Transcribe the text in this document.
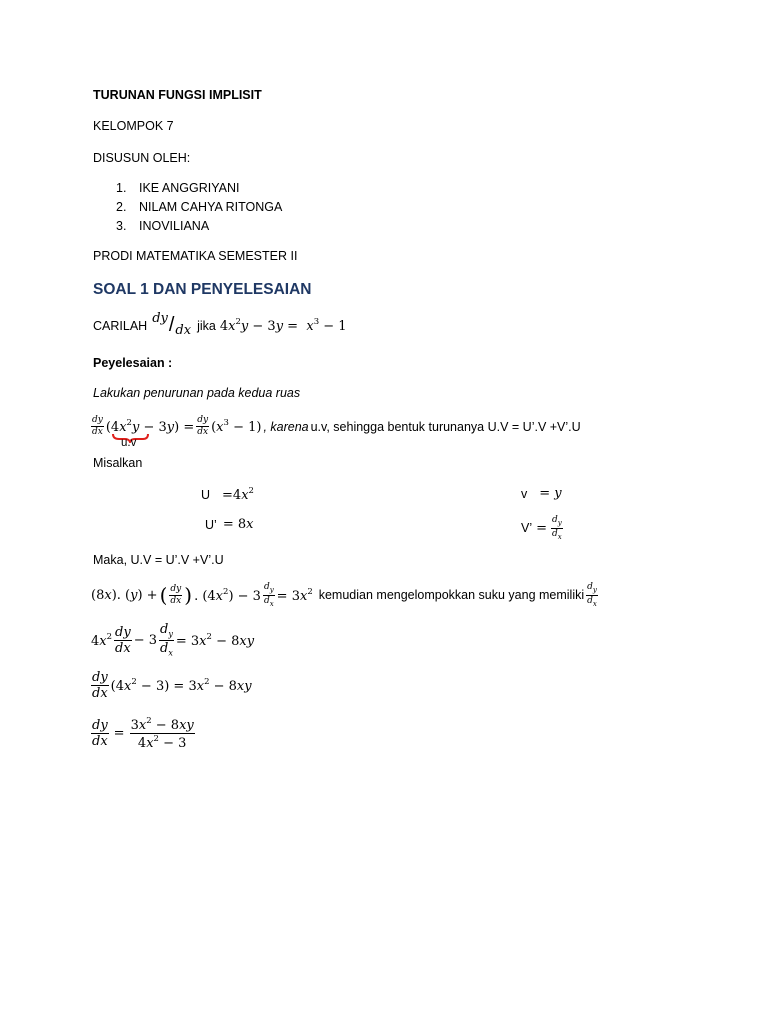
TURUNAN FUNGSI IMPLISIT
KELOMPOK 7
DISUSUN OLEH:
1. IKE ANGGRIYANI
2. NILAM CAHYA RITONGA
3. INOVILIANA
PRODI MATEMATIKA SEMESTER II
SOAL 1 DAN PENYELESAIAN
CARILAH dy / dx jika $4x^2y - 3y = x^3 - 1$
Peyelesaian :
Lakukan penurunan pada kedua ruas
$\frac{dy}{dx} (4x^2y - 3y) = \frac{dy}{dx} (x^3 - 1)$ , karena u.v, sehingga bentuk turunanya U.V = U’.V +V’.U
u.v
Misalkan
$U =4x^2$	v = y
U’ = 8x	V’ = $\frac{d_y}{d_x}$
Maka, U.V = U’.V +V’.U
(8x). (y) + ( $\frac{dy}{dx}$ ) . $(4x^2) - 3 \frac{d_y}{d_x} = 3x^2$ kemudian mengelompokkan suku yang memiliki $\frac{d_y}{d_x}$
$4x^2 \frac{dy}{dx} - 3 \frac{d_y}{d_x} = 3x^2 - 8xy$
$\frac{dy}{dx} (4x^2 - 3) = 3x^2 - 8xy$
$\frac{dy}{dx} = \frac{3x^2 - 8xy}{4x^2 - 3}$
